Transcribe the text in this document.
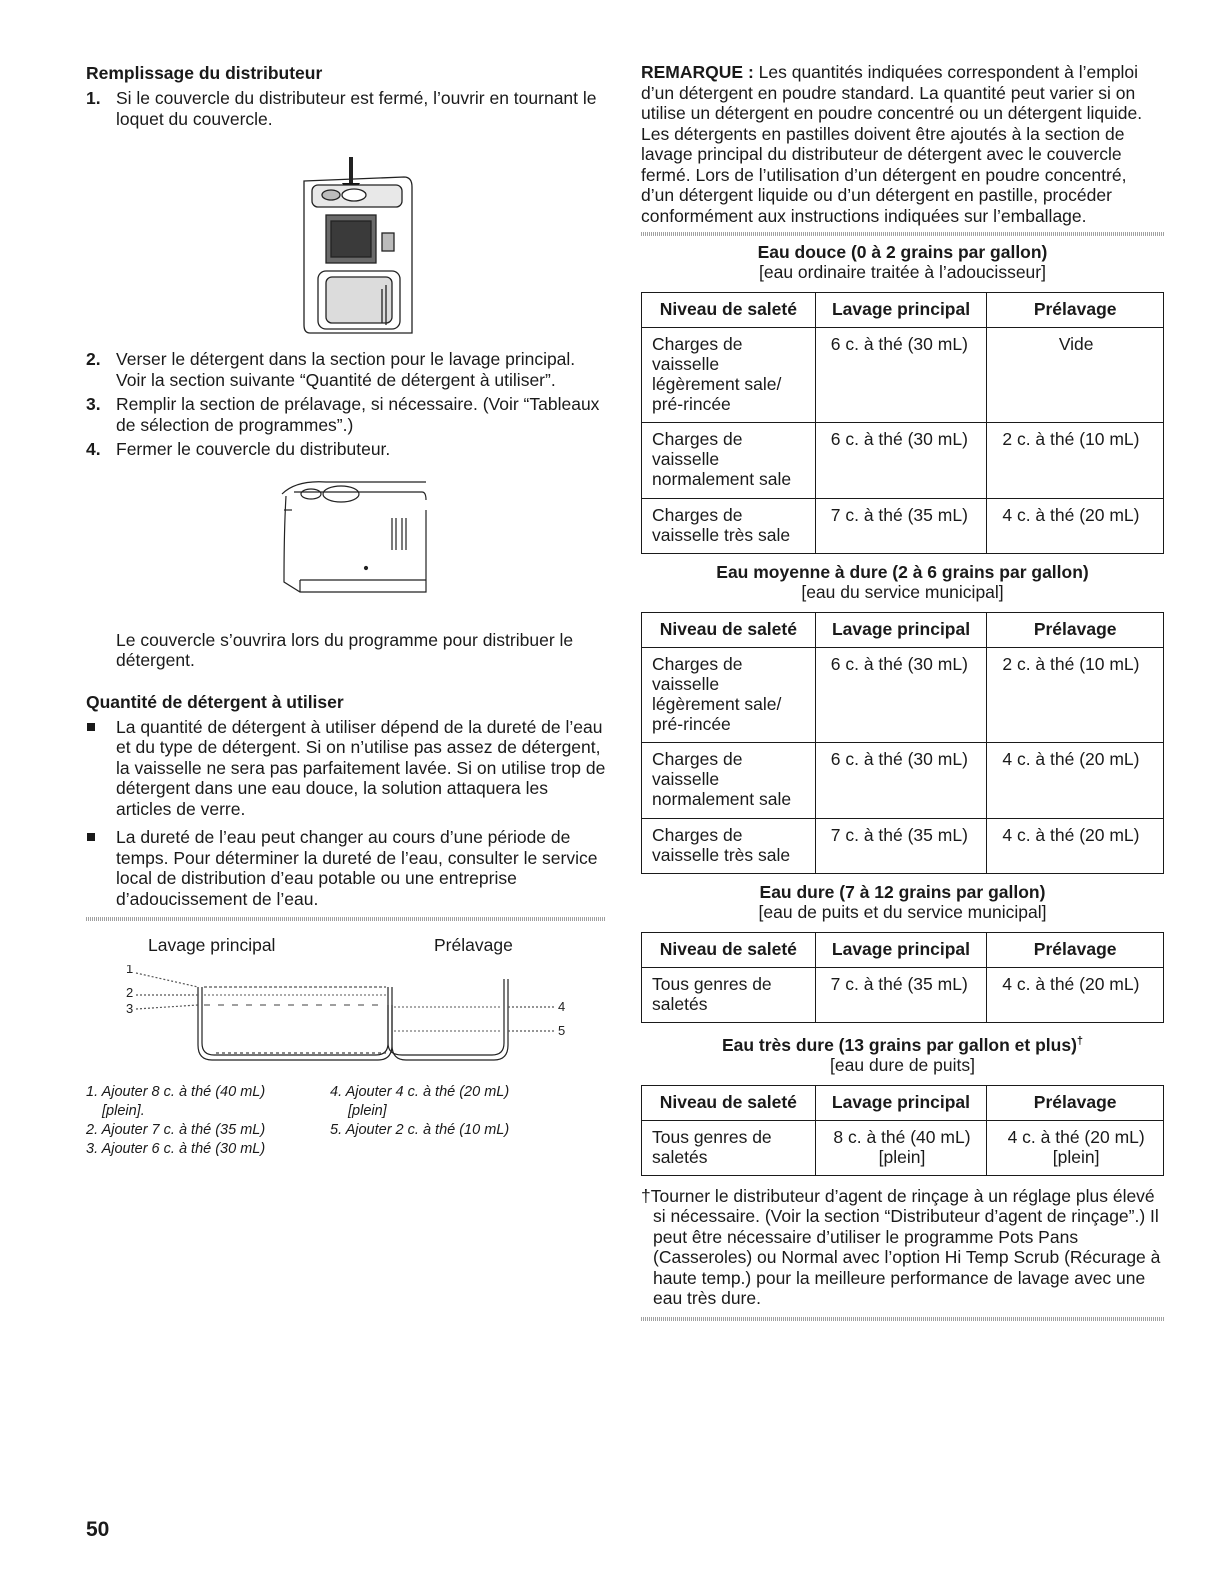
Remplissage du distributeur
1. Si le couvercle du distributeur est fermé, l’ouvrir en tournant le loquet du couvercle.
2. Verser le détergent dans la section pour le lavage principal. Voir la section suivante “Quantité de détergent à utiliser”.
3. Remplir la section de prélavage, si nécessaire. (Voir “Tableaux de sélection de programmes”.)
4. Fermer le couvercle du distributeur.

Le couvercle s’ouvrira lors du programme pour distribuer le détergent.

Quantité de détergent à utiliser
La quantité de détergent à utiliser dépend de la dureté de l’eau et du type de détergent. Si on n’utilise pas assez de détergent, la vaisselle ne sera pas parfaitement lavée. Si on utilise trop de détergent dans une eau douce, la solution attaquera les articles de verre.
La dureté de l’eau peut changer au cours d’une période de temps. Pour déterminer la dureté de l’eau, consulter le service local de distribution d’eau potable ou une entreprise d’adoucissement de l’eau.
Lavage principal	Prélavage
1
2
3	4
5
1. Ajouter 8 c. à thé (40 mL)
[plein].
2. Ajouter 7 c. à thé (35 mL)
3. Ajouter 6 c. à thé (30 mL)
4. Ajouter 4 c. à thé (20 mL)
[plein]
5. Ajouter 2 c. à thé (10 mL)

REMARQUE : Les quantités indiquées correspondent à l’emploi d’un détergent en poudre standard. La quantité peut varier si on utilise un détergent en poudre concentré ou un détergent liquide. Les détergents en pastilles doivent être ajoutés à la section de lavage principal du distributeur de détergent avec le couvercle fermé. Lors de l’utilisation d’un détergent en poudre concentré, d’un détergent liquide ou d’un détergent en pastille, procéder conformément aux instructions indiquées sur l’emballage.

Eau douce (0 à 2 grains par gallon)
[eau ordinaire traitée à l’adoucisseur]
Niveau de saleté	Lavage principal	Prélavage
Charges de vaisselle légèrement sale/ pré-rincée	6 c. à thé (30 mL)	Vide
Charges de vaisselle normalement sale	6 c. à thé (30 mL)	2 c. à thé (10 mL)
Charges de vaisselle très sale	7 c. à thé (35 mL)	4 c. à thé (20 mL)
Eau moyenne à dure (2 à 6 grains par gallon)
[eau du service municipal]
Niveau de saleté	Lavage principal	Prélavage
Charges de vaisselle légèrement sale/ pré-rincée	6 c. à thé (30 mL)	2 c. à thé (10 mL)
Charges de vaisselle normalement sale	6 c. à thé (30 mL)	4 c. à thé (20 mL)
Charges de vaisselle très sale	7 c. à thé (35 mL)	4 c. à thé (20 mL)
Eau dure (7 à 12 grains par gallon)
[eau de puits et du service municipal]
Niveau de saleté	Lavage principal	Prélavage
Tous genres de saletés	7 c. à thé (35 mL)	4 c. à thé (20 mL)
Eau très dure (13 grains par gallon et plus)†
[eau dure de puits]
Niveau de saleté	Lavage principal	Prélavage
Tous genres de saletés	8 c. à thé (40 mL) [plein]	4 c. à thé (20 mL) [plein]

†Tourner le distributeur d’agent de rinçage à un réglage plus élevé si nécessaire. (Voir la section “Distributeur d’agent de rinçage”.) Il peut être nécessaire d’utiliser le programme Pots Pans (Casseroles) ou Normal avec l’option Hi Temp Scrub (Récurage à haute temp.) pour la meilleure performance de lavage avec une eau très dure.

50
